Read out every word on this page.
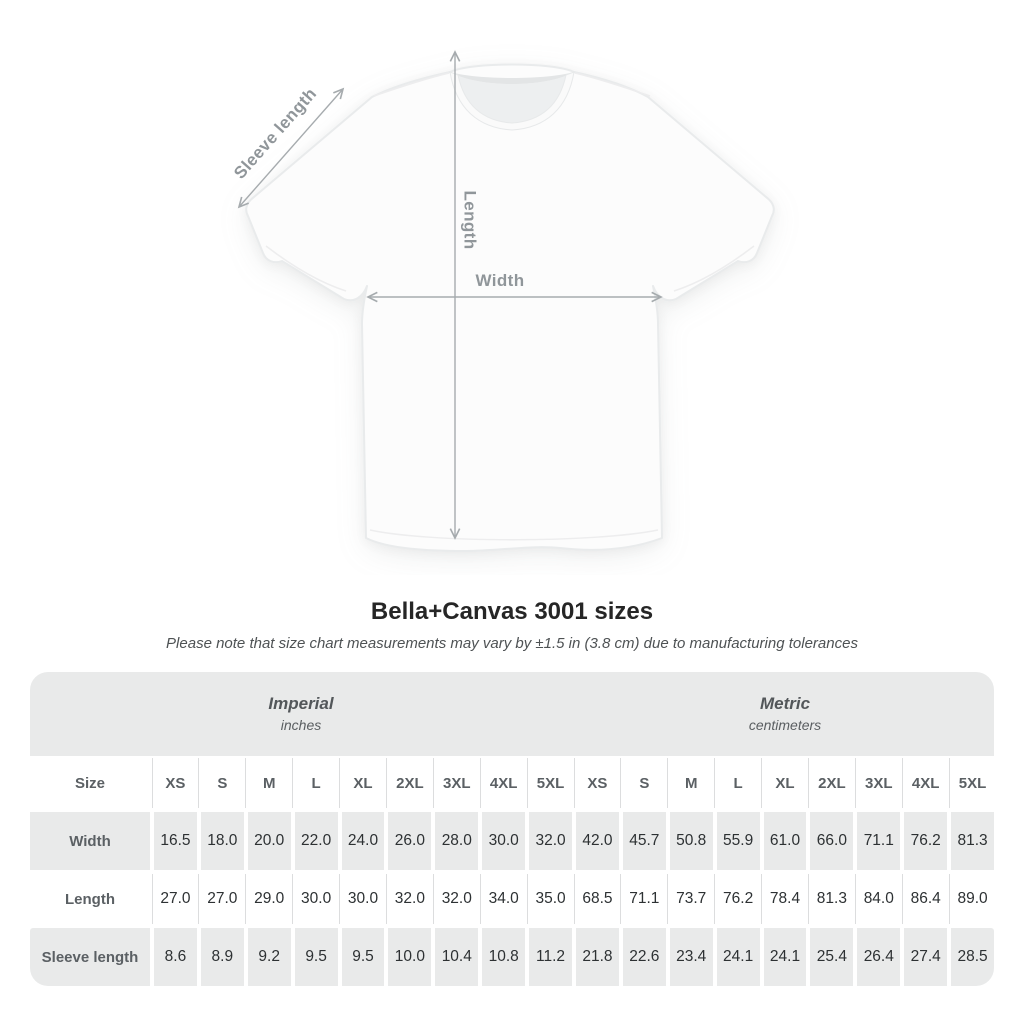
Sleeve length
Length
Width
Bella+Canvas 3001 sizes
Please note that size chart measurements may vary by ±1.5 in (3.8 cm) due to manufacturing tolerances
Imperial
inches
Metric
centimeters
Size	XS	S	M	L	XL	2XL	3XL	4XL	5XL	XS	S	M	L	XL	2XL	3XL	4XL	5XL
Width	16.5	18.0	20.0	22.0	24.0	26.0	28.0	30.0	32.0	42.0	45.7	50.8	55.9	61.0	66.0	71.1	76.2	81.3
Length	27.0	27.0	29.0	30.0	30.0	32.0	32.0	34.0	35.0	68.5	71.1	73.7	76.2	78.4	81.3	84.0	86.4	89.0
Sleeve length	8.6	8.9	9.2	9.5	9.5	10.0	10.4	10.8	11.2	21.8	22.6	23.4	24.1	24.1	25.4	26.4	27.4	28.5
